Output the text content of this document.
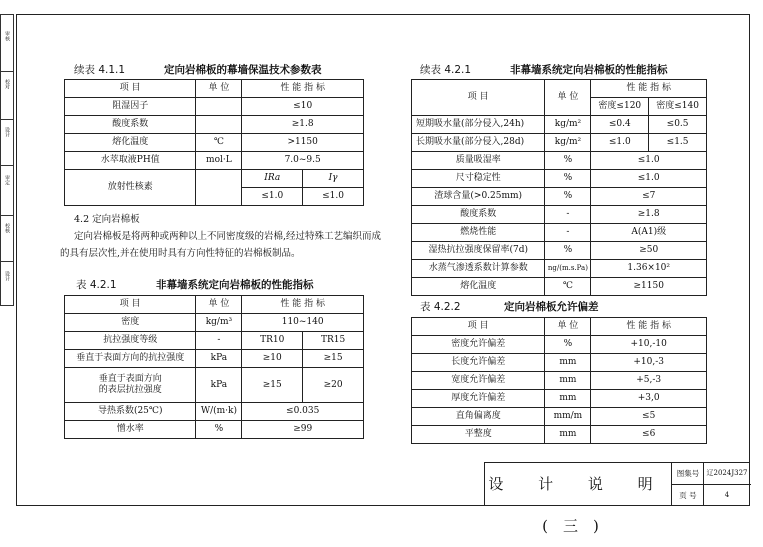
审核
校对
设计
审定
校核
设计
续表 4.1.1	定向岩棉板的幕墙保温技术参数表
项 目	单 位	性 能 指 标	
阻湿因子		≤10	
酸度系数		≥1.8	
熔化温度	℃	>1150	
水萃取液PH值	mol·L	7.0~9.5	
放射性核素		IRa	Iγ
		≤1.0	≤1.0
4.2 定向岩棉板
定向岩棉板是将两种或两种以上不同密度级的岩棉,经过特殊工艺编织而成
的具有层次性,并在使用时具有方向性特征的岩棉板制品。
表 4.2.1	非幕墙系统定向岩棉板的性能指标
项 目	单 位	性 能 指 标	
密度	kg/m³	110~140	
抗拉强度等级	-	TR10	TR15
垂直于表面方向的抗拉强度	kPa	≥10	≥15
垂直于表面方向
的表层抗拉强度	kPa	≥15	≥20
导热系数(25℃)	W/(m·k)	≤0.035	
憎水率	%	≥99	
续表 4.2.1	非幕墙系统定向岩棉板的性能指标
项 目	单 位	性 能 指 标	
		密度≤120	密度≤140
短期吸水量(部分侵入,24h)	kg/m²	≤0.4	≤0.5
长期吸水量(部分侵入,28d)	kg/m²	≤1.0	≤1.5
质量吸湿率	%	≤1.0	
尺寸稳定性	%	≤1.0	
渣球含量(>0.25mm)	%	≤7	
酸度系数	-	≥1.8	
燃烧性能	-	A(A1)级	
湿热抗拉强度保留率(7d)	%	≥50	
水蒸气渗透系数计算参数	ng/(m.s.Pa)	1.36×10²	
熔化温度	℃	≥1150	
表 4.2.2	定向岩棉板允许偏差
项 目	单 位	性 能 指 标
密度允许偏差	%	+10,-10
长度允许偏差	mm	+10,-3
宽度允许偏差	mm	+5,-3
厚度允许偏差	mm	+3,0
直角偏离度	mm/m	≤5
平整度	mm	≤6
设 计 说 明 (三)
图集号	辽2024J327
页 号	4
